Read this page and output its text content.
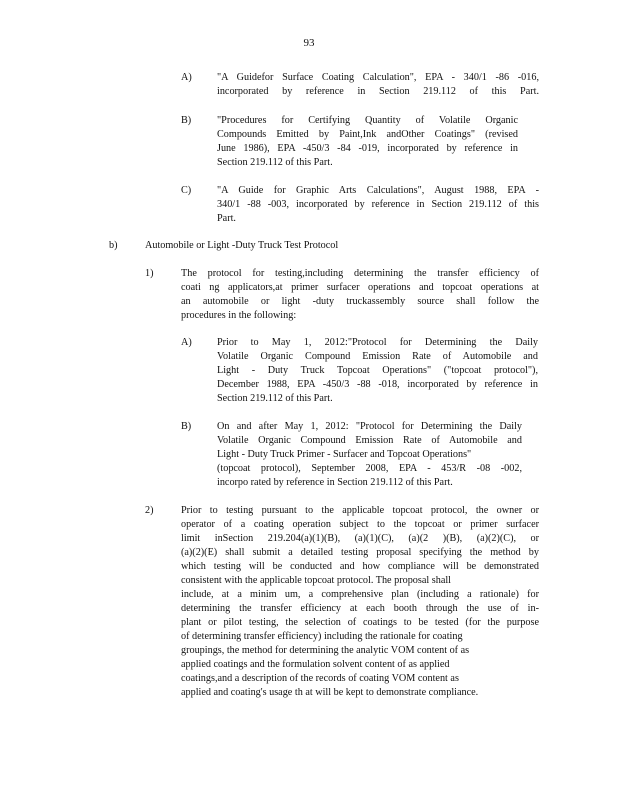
93
A) "A Guidefor Surface Coating Calculation", EPA - 340/1 -86 -016,
incorporated by reference in Section 219.112 of this Part.
B)	"Procedures for Certifying Quantity of Volatile Organic
Compounds Emitted by Paint,Ink andOther Coatings" (revised
June 1986), EPA -450/3 -84 -019, incorporated by reference in
Section 219.112 of this Part.
C)	"A Guide for Graphic Arts Calculations", August 1988, EPA -
340/1 -88 -003, incorporated by reference in Section 219.112 of this
Part.
b)	Automobile or Light -Duty Truck Test Protocol
1)	The protocol for testing,including determining the transfer efficiency of
coati ng applicators,at primer surfacer operations and topcoat operations at
an automobile or light -duty truckassembly source shall follow the
procedures in the following:
A) Prior to May 1, 2012:"Protocol for Determining the Daily
Volatile Organic Compound Emission Rate of Automobile and
Light - Duty Truck Topcoat Operations" ("topcoat protocol"),
December 1988, EPA -450/3 -88 -018, incorporated by reference in
Section 219.112 of this Part.
B)	On and after May 1, 2012: "Protocol for Determining the Daily
Volatile Organic Compound Emission Rate of Automobile and
Light - Duty Truck Primer - Surfacer and Topcoat Operations"
(topcoat protocol), September 2008, EPA - 453/R -08 -002,
incorpo rated by reference in Section 219.112 of this Part.
2)	Prior to testing pursuant to the applicable topcoat protocol, the owner or
operator of a coating operation subject to the topcoat or primer surfacer
limit inSection 219.204(a)(1)(B), (a)(1)(C), (a)(2 )(B), (a)(2)(C), or
(a)(2)(E) shall submit a detailed testing proposal specifying the method by
which testing will be conducted and how compliance will be demonstrated
consistent with the applicable topcoat protocol. The proposal shall
include, at a minim um, a comprehensive plan (including a rationale) for
determining the transfer efficiency at each booth through the use of in-
plant or pilot testing, the selection of coatings to be tested (for the purpose
of determining transfer efficiency) including the rationale for coating
groupings, the method for determining the analytic VOM content of as
applied coatings and the formulation solvent content of as applied
coatings,and a description of the records of coating VOM content as
applied and coating's usage th at will be kept to demonstrate compliance.
